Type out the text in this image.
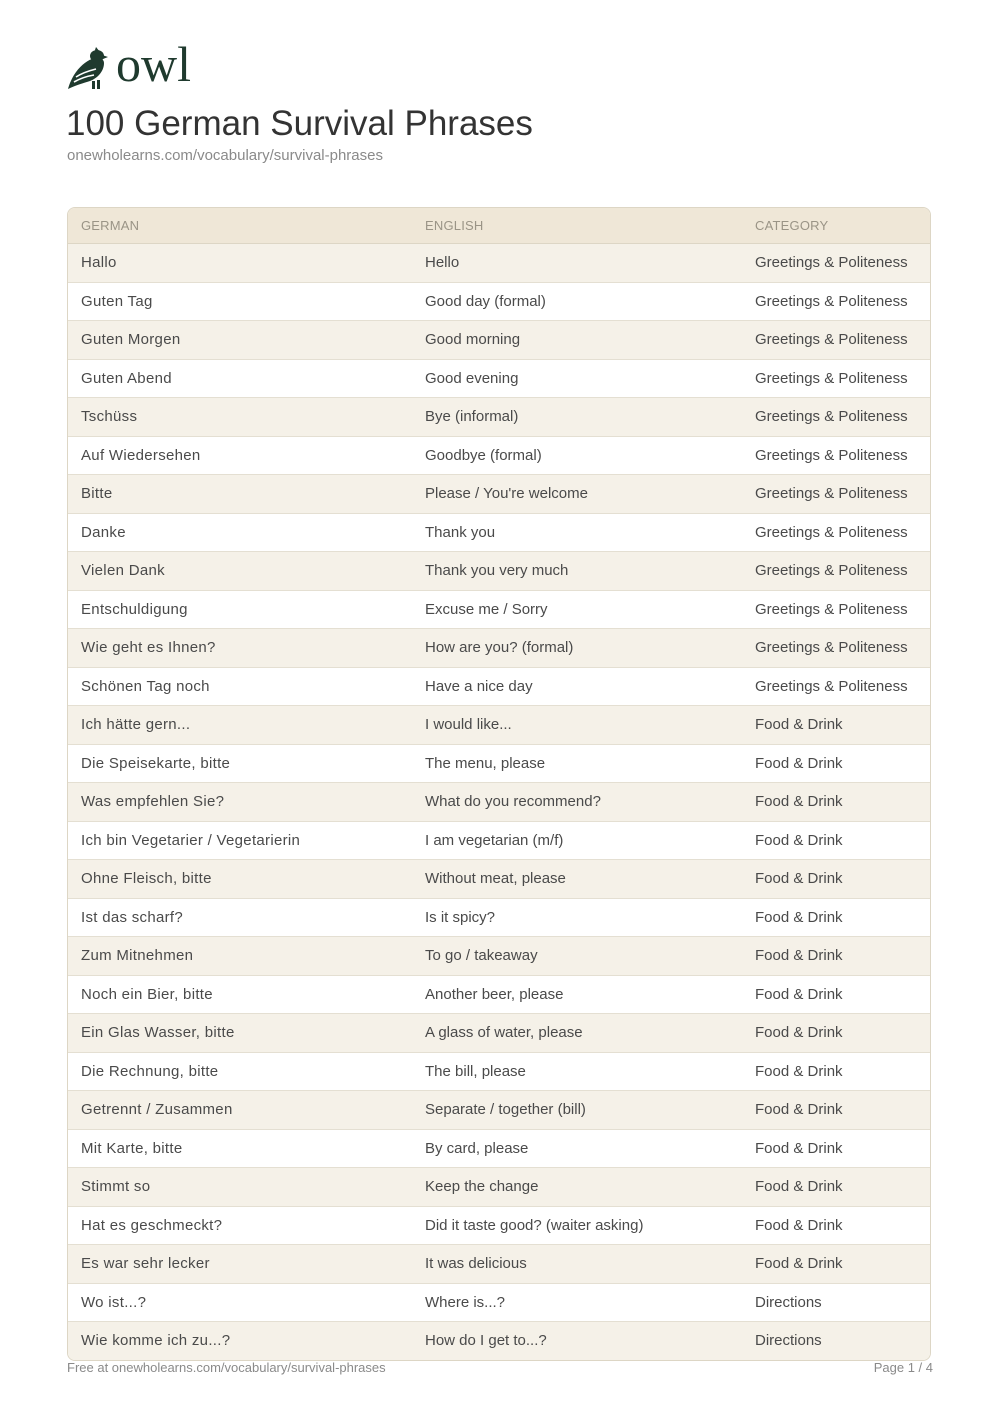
owl
100 German Survival Phrases
onewholearns.com/vocabulary/survival-phrases
GERMAN	ENGLISH	CATEGORY
Hallo	Hello	Greetings & Politeness
Guten Tag	Good day (formal)	Greetings & Politeness
Guten Morgen	Good morning	Greetings & Politeness
Guten Abend	Good evening	Greetings & Politeness
Tschüss	Bye (informal)	Greetings & Politeness
Auf Wiedersehen	Goodbye (formal)	Greetings & Politeness
Bitte	Please / You're welcome	Greetings & Politeness
Danke	Thank you	Greetings & Politeness
Vielen Dank	Thank you very much	Greetings & Politeness
Entschuldigung	Excuse me / Sorry	Greetings & Politeness
Wie geht es Ihnen?	How are you? (formal)	Greetings & Politeness
Schönen Tag noch	Have a nice day	Greetings & Politeness
Ich hätte gern...	I would like...	Food & Drink
Die Speisekarte, bitte	The menu, please	Food & Drink
Was empfehlen Sie?	What do you recommend?	Food & Drink
Ich bin Vegetarier / Vegetarierin	I am vegetarian (m/f)	Food & Drink
Ohne Fleisch, bitte	Without meat, please	Food & Drink
Ist das scharf?	Is it spicy?	Food & Drink
Zum Mitnehmen	To go / takeaway	Food & Drink
Noch ein Bier, bitte	Another beer, please	Food & Drink
Ein Glas Wasser, bitte	A glass of water, please	Food & Drink
Die Rechnung, bitte	The bill, please	Food & Drink
Getrennt / Zusammen	Separate / together (bill)	Food & Drink
Mit Karte, bitte	By card, please	Food & Drink
Stimmt so	Keep the change	Food & Drink
Hat es geschmeckt?	Did it taste good? (waiter asking)	Food & Drink
Es war sehr lecker	It was delicious	Food & Drink
Wo ist...?	Where is...?	Directions
Wie komme ich zu...?	How do I get to...?	Directions
Free at onewholearns.com/vocabulary/survival-phrases	Page 1 / 4
